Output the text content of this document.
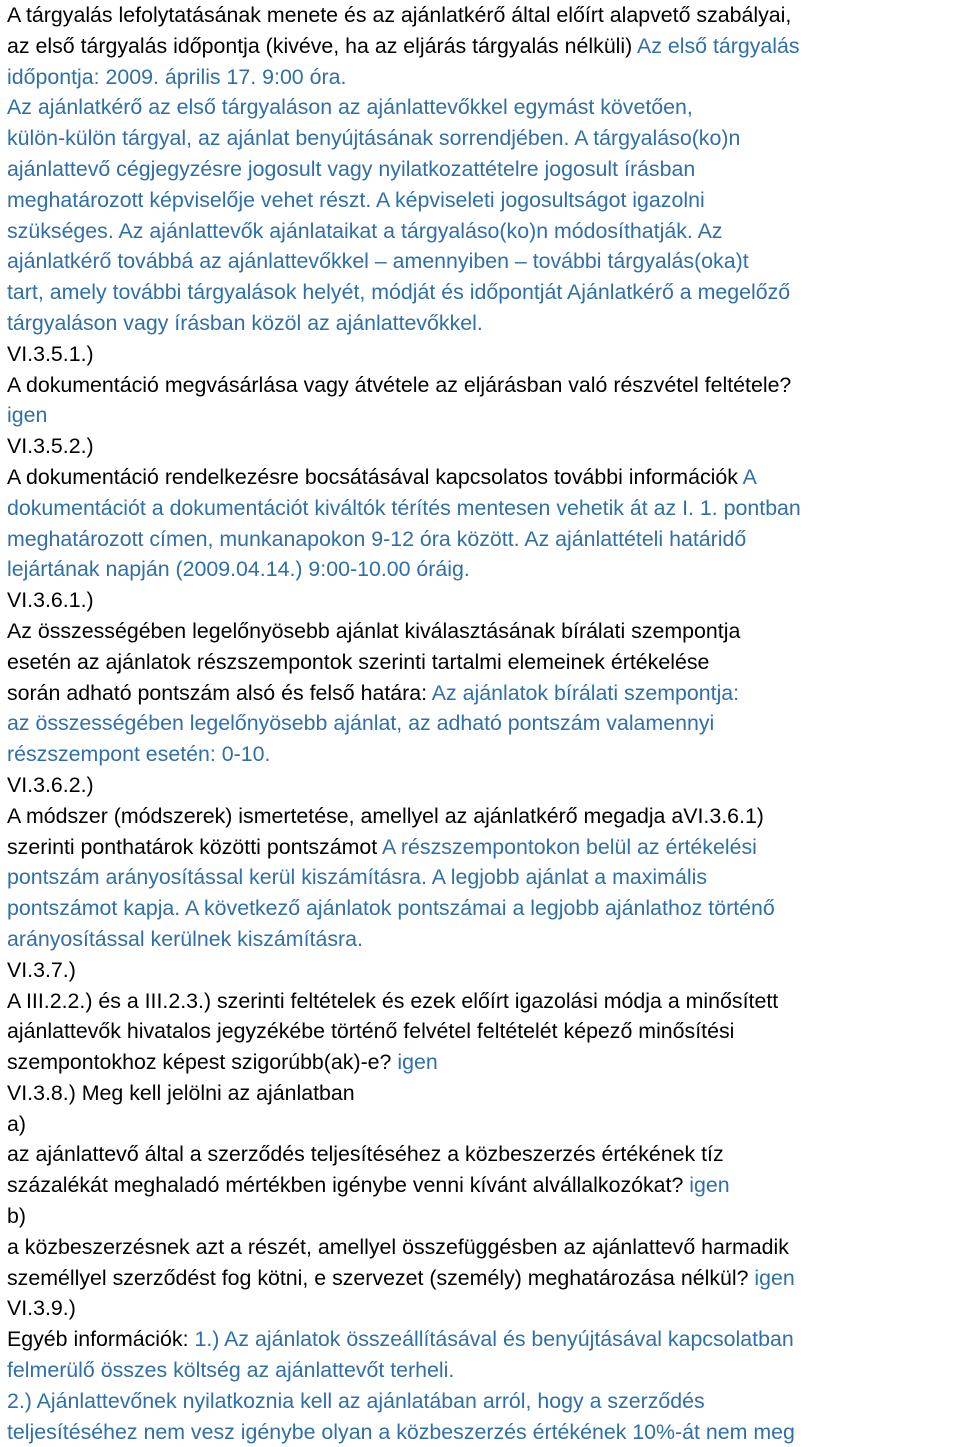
A tárgyalás lefolytatásának menete és az ajánlatkérő által előírt alapvető szabályai,
az első tárgyalás időpontja (kivéve, ha az eljárás tárgyalás nélküli) Az első tárgyalás
időpontja: 2009. április 17. 9:00 óra.
Az ajánlatkérő az első tárgyaláson az ajánlattevőkkel egymást követően,
külön-külön tárgyal, az ajánlat benyújtásának sorrendjében. A tárgyaláso(ko)n
ajánlattevő cégjegyzésre jogosult vagy nyilatkozattételre jogosult írásban
meghatározott képviselője vehet részt. A képviseleti jogosultságot igazolni
szükséges. Az ajánlattevők ajánlataikat a tárgyaláso(ko)n módosíthatják. Az
ajánlatkérő továbbá az ajánlattevőkkel – amennyiben – további tárgyalás(oka)t
tart, amely további tárgyalások helyét, módját és időpontját Ajánlatkérő a megelőző
tárgyaláson vagy írásban közöl az ajánlattevőkkel.
VI.3.5.1.)
A dokumentáció megvásárlása vagy átvétele az eljárásban való részvétel feltétele?
igen
VI.3.5.2.)
A dokumentáció rendelkezésre bocsátásával kapcsolatos további információk A
dokumentációt a dokumentációt kiváltók térítés mentesen vehetik át az I. 1. pontban
meghatározott címen, munkanapokon 9-12 óra között. Az ajánlattételi határidő
lejártának napján (2009.04.14.) 9:00-10.00 óráig.
VI.3.6.1.)
Az összességében legelőnyösebb ajánlat kiválasztásának bírálati szempontja
esetén az ajánlatok részszempontok szerinti tartalmi elemeinek értékelése
során adható pontszám alsó és felső határa: Az ajánlatok bírálati szempontja:
az összességében legelőnyösebb ajánlat, az adható pontszám valamennyi
részszempont esetén: 0-10.
VI.3.6.2.)
A módszer (módszerek) ismertetése, amellyel az ajánlatkérő megadja aVI.3.6.1)
szerinti ponthatárok közötti pontszámot A részszempontokon belül az értékelési
pontszám arányosítással kerül kiszámításra. A legjobb ajánlat a maximális
pontszámot kapja. A következő ajánlatok pontszámai a legjobb ajánlathoz történő
arányosítással kerülnek kiszámításra.
VI.3.7.)
A III.2.2.) és a III.2.3.) szerinti feltételek és ezek előírt igazolási módja a minősített
ajánlattevők hivatalos jegyzékébe történő felvétel feltételét képező minősítési
szempontokhoz képest szigorúbb(ak)-e? igen
VI.3.8.) Meg kell jelölni az ajánlatban
a)
az ajánlattevő által a szerződés teljesítéséhez a közbeszerzés értékének tíz
százalékát meghaladó mértékben igénybe venni kívánt alvállalkozókat? igen
b)
a közbeszerzésnek azt a részét, amellyel összefüggésben az ajánlattevő harmadik
személlyel szerződést fog kötni, e szervezet (személy) meghatározása nélkül? igen
VI.3.9.)
Egyéb információk: 1.) Az ajánlatok összeállításával és benyújtásával kapcsolatban
felmerülő összes költség az ajánlattevőt terheli.
2.) Ajánlattevőnek nyilatkoznia kell az ajánlatában arról, hogy a szerződés
teljesítéséhez nem vesz igénybe olyan a közbeszerzés értékének 10%-át nem meg
